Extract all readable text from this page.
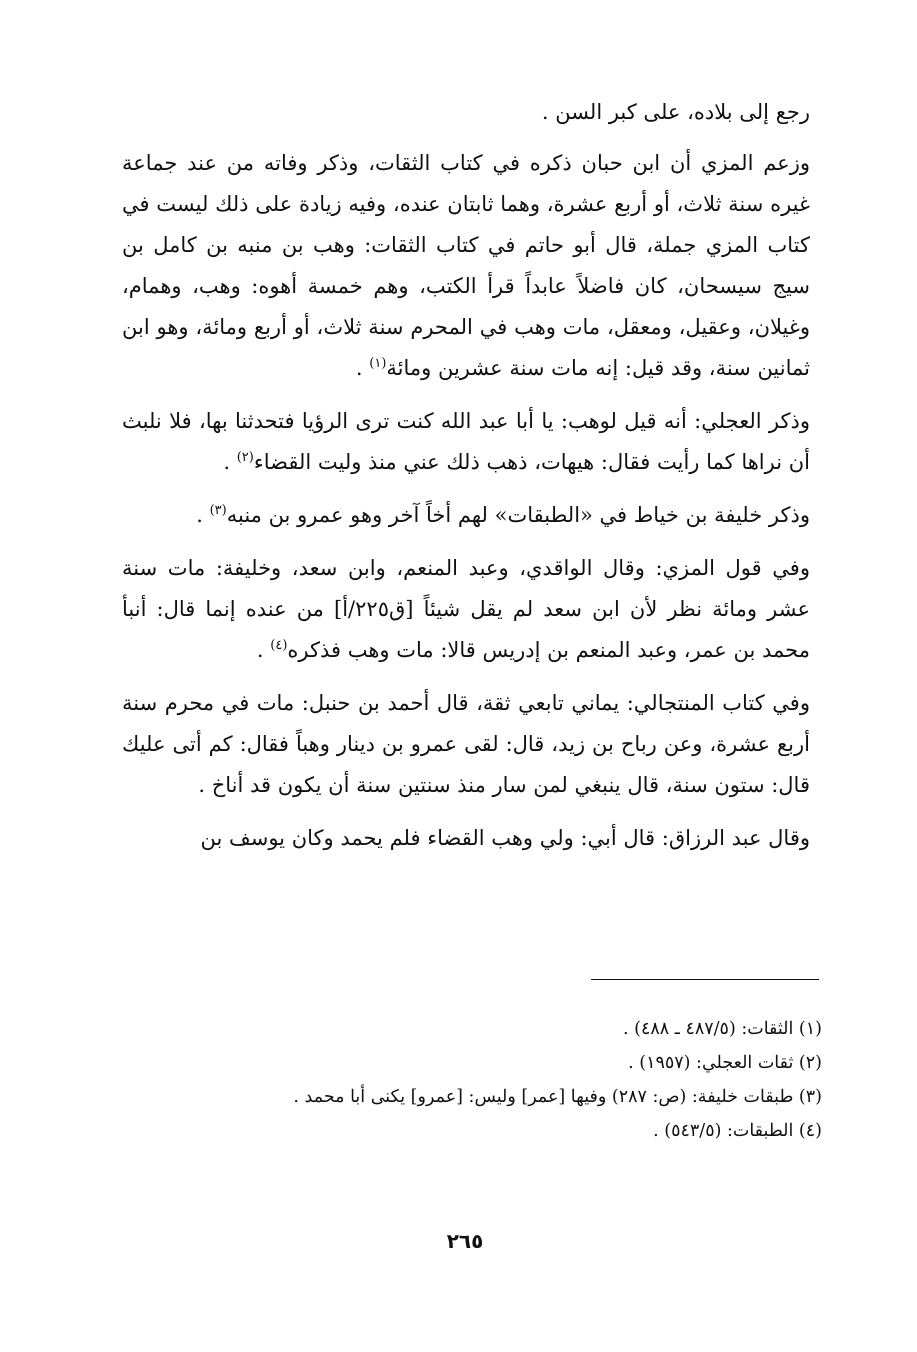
رجع إلى بلاده، على كبر السن .

وزعم المزي أن ابن حبان ذكره في كتاب الثقات، وذكر وفاته من عند جماعة غيره سنة ثلاث، أو أربع عشرة، وهما ثابتان عنده، وفيه زيادة على ذلك ليست في كتاب المزي جملة، قال أبو حاتم في كتاب الثقات: وهب بن منبه بن كامل بن سيج سيسحان، كان فاضلاً عابداً قرأ الكتب، وهم خمسة أهوه: وهب، وهمام، وغيلان، وعقيل، ومعقل، مات وهب في المحرم سنة ثلاث، أو أربع ومائة، وهو ابن ثمانين سنة، وقد قيل: إنه مات سنة عشرين ومائة$^{(١)}$ .

وذكر العجلي: أنه قيل لوهب: يا أبا عبد الله كنت ترى الرؤيا فتحدثنا بها، فلا نلبث أن نراها كما رأيت فقال: هيهات، ذهب ذلك عني منذ وليت القضاء$^{(٢)}$ .

وذكر خليفة بن خياط في «الطبقات» لهم أخاً آخر وهو عمرو بن منبه$^{(٣)}$ .

وفي قول المزي: وقال الواقدي، وعبد المنعم، وابن سعد، وخليفة: مات سنة عشر ومائة نظر لأن ابن سعد لم يقل شيئاً [ق٢٢٥/أ] من عنده إنما قال: أنبأ محمد بن عمر، وعبد المنعم بن إدريس قالا: مات وهب فذكره$^{(٤)}$ .

وفي كتاب المنتجالي: يماني تابعي ثقة، قال أحمد بن حنبل: مات في محرم سنة أربع عشرة، وعن رباح بن زيد، قال: لقى عمرو بن دينار وهباً فقال: كم أتى عليك قال: ستون سنة، قال ينبغي لمن سار منذ سنتين سنة أن يكون قد أناخ .

وقال عبد الرزاق: قال أبي: ولي وهب القضاء فلم يحمد وكان يوسف بن

(١) الثقات: (٤٨٧/٥ ـ ٤٨٨) .

(٢) ثقات العجلي: (١٩٥٧) .

(٣) طبقات خليفة: (ص: ٢٨٧) وفيها [عمر] وليس: [عمرو] يكنى أبا محمد .

(٤) الطبقات: (٥٤٣/٥) .

٢٦٥
